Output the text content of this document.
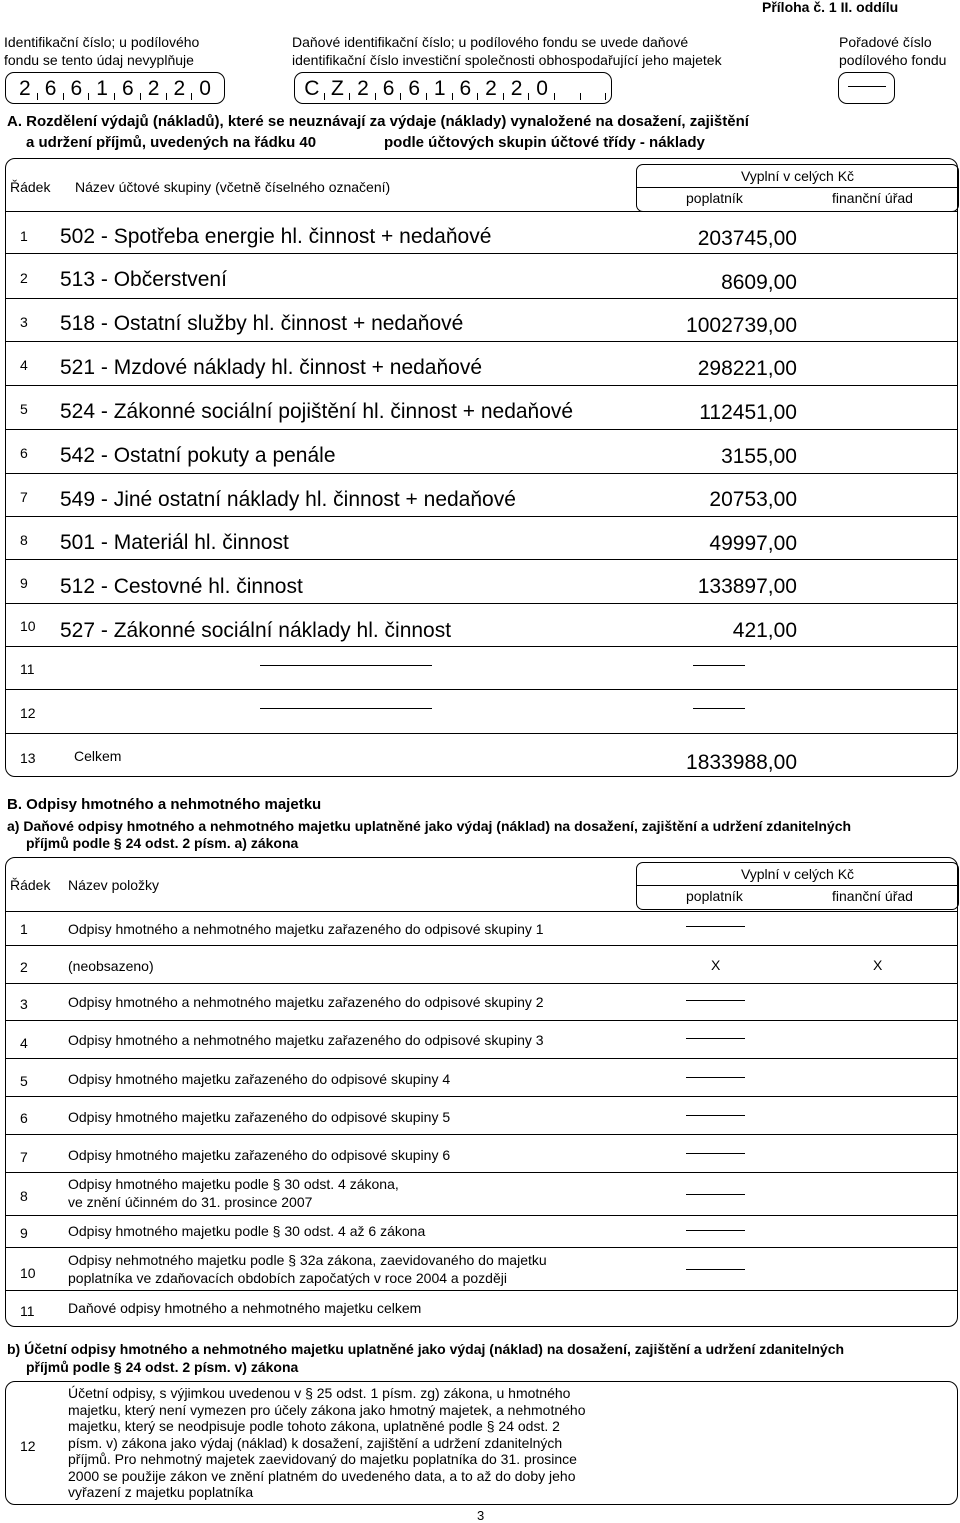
Příloha č. 1 II. oddílu
Identifikační číslo; u podílového
fondu se tento údaj nevyplňuje
Daňové identifikační číslo; u podílového fondu se uvede daňové
identifikační číslo investiční společnosti obhospodařující jeho majetek
Pořadové číslo
podílového fondu
2 6 6 1 6 2 2 0	C Z 2 6 6 1 6 2 2 0
A. Rozdělení výdajů (nákladů), které se neuznávají za výdaje (náklady) vynaložené na dosažení, zajištění
a udržení příjmů, uvedených na řádku 40	podle účtových skupin účtové třídy - náklady
Řádek Název účtové skupiny (včetně číselného označení)
Vyplní v celých Kč
poplatník	finanční úřad
1 502 - Spotřeba energie hl. činnost + nedaňové	203745,00
2 513 - Občerstvení	8609,00
3 518 - Ostatní služby hl. činnost + nedaňové	1002739,00
4 521 - Mzdové náklady hl. činnost + nedaňové	298221,00
5 524 - Zákonné sociální pojištění hl. činnost + nedaňové	112451,00
6 542 - Ostatní pokuty a penále	3155,00
7 549 - Jiné ostatní náklady hl. činnost + nedaňové	20753,00
8 501 - Materiál hl. činnost	49997,00
9 512 - Cestovné hl. činnost	133897,00
10 527 - Zákonné sociální náklady hl. činnost	421,00
11
12
13	Celkem	1833988,00
B. Odpisy hmotného a nehmotného majetku
a) Daňové odpisy hmotného a nehmotného majetku uplatněné jako výdaj (náklad) na dosažení, zajištění a udržení zdanitelných
příjmů podle § 24 odst. 2 písm. a) zákona
Řádek Název položky
Vyplní v celých Kč
poplatník	finanční úřad
1	Odpisy hmotného a nehmotného majetku zařazeného do odpisové skupiny 1
2	(neobsazeno)	X	X
3	Odpisy hmotného a nehmotného majetku zařazeného do odpisové skupiny 2
4	Odpisy hmotného a nehmotného majetku zařazeného do odpisové skupiny 3
5	Odpisy hmotného majetku zařazeného do odpisové skupiny 4
6	Odpisy hmotného majetku zařazeného do odpisové skupiny 5
7	Odpisy hmotného majetku zařazeného do odpisové skupiny 6
8
Odpisy hmotného majetku podle § 30 odst. 4 zákona,
ve znění účinném do 31. prosince 2007
9	Odpisy hmotného majetku podle § 30 odst. 4 až 6 zákona
10
Odpisy nehmotného majetku podle § 32a zákona, zaevidovaného do majetku
poplatníka ve zdaňovacích obdobích započatých v roce 2004 a později
11 Daňové odpisy hmotného a nehmotného majetku celkem
b) Účetní odpisy hmotného a nehmotného majetku uplatněné jako výdaj (náklad) na dosažení, zajištění a udržení zdanitelných
příjmů podle § 24 odst. 2 písm. v) zákona
12
Účetní odpisy, s výjimkou uvedenou v § 25 odst. 1 písm. zg) zákona, u hmotného
majetku, který není vymezen pro účely zákona jako hmotný majetek, a nehmotného
majetku, který se neodpisuje podle tohoto zákona, uplatněné podle § 24 odst. 2
písm. v) zákona jako výdaj (náklad) k dosažení, zajištění a udržení zdanitelných
příjmů. Pro nehmotný majetek zaevidovaný do majetku poplatníka do 31. prosince
2000 se použije zákon ve znění platném do uvedeného data, a to až do doby jeho
vyřazení z majetku poplatníka
3
